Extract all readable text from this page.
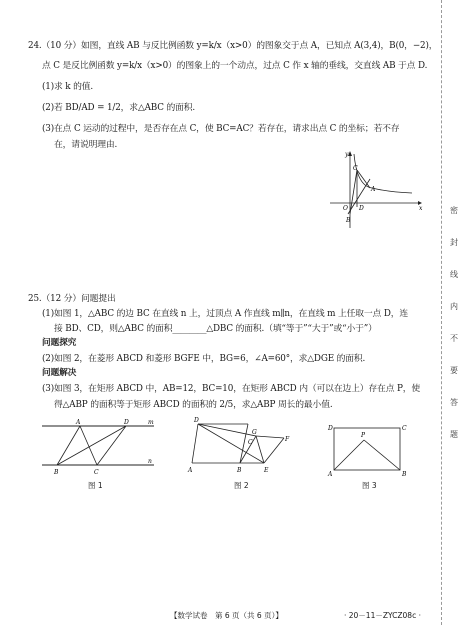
24.（10 分）如图，直线 AB 与反比例函数 y=k/x（x>0）的图象交于点 A，已知点 A(3,4)，B(0，−2)，
点 C 是反比例函数 y=k/x（x>0）的图象上的一个动点，过点 C 作 x 轴的垂线，交直线 AB 于点 D.
(1)求 k 的值.
(2)若 BD/AD = 1/2，求△ABC 的面积.
(3)在点 C 运动的过程中，是否存在点 C，使 BC=AC？若存在，请求出点 C 的坐标；若不存
在，请说明理由.
y
x
C
A
O D
B
25.（12 分）问题提出
(1)如图 1，△ABC 的边 BC 在直线 n 上，过顶点 A 作直线 m∥n，在直线 m 上任取一点 D，连
接 BD、CD，则△ABC 的面积________△DBC 的面积.（填“等于”“大于”或“小于”）
问题探究
(2)如图 2，在菱形 ABCD 和菱形 BGFE 中，BG=6，∠A=60°，求△DGE 的面积.
问题解决
(3)如图 3，在矩形 ABCD 中，AB=12，BC=10，在矩形 ABCD 内（可以在边上）存在点 P，使
得△ABP 的面积等于矩形 ABCD 的面积的 2/5，求△ABP 周长的最小值.
A	D	m
n
B	C
图 1
D
G
C	F
A	B	E
图 2
D	C
P
A	B
图 3
密
封
线
内
不
要
答
题
【数学试卷　第 6 页（共 6 页）】	· 20－11－ZYCZ08c ·
